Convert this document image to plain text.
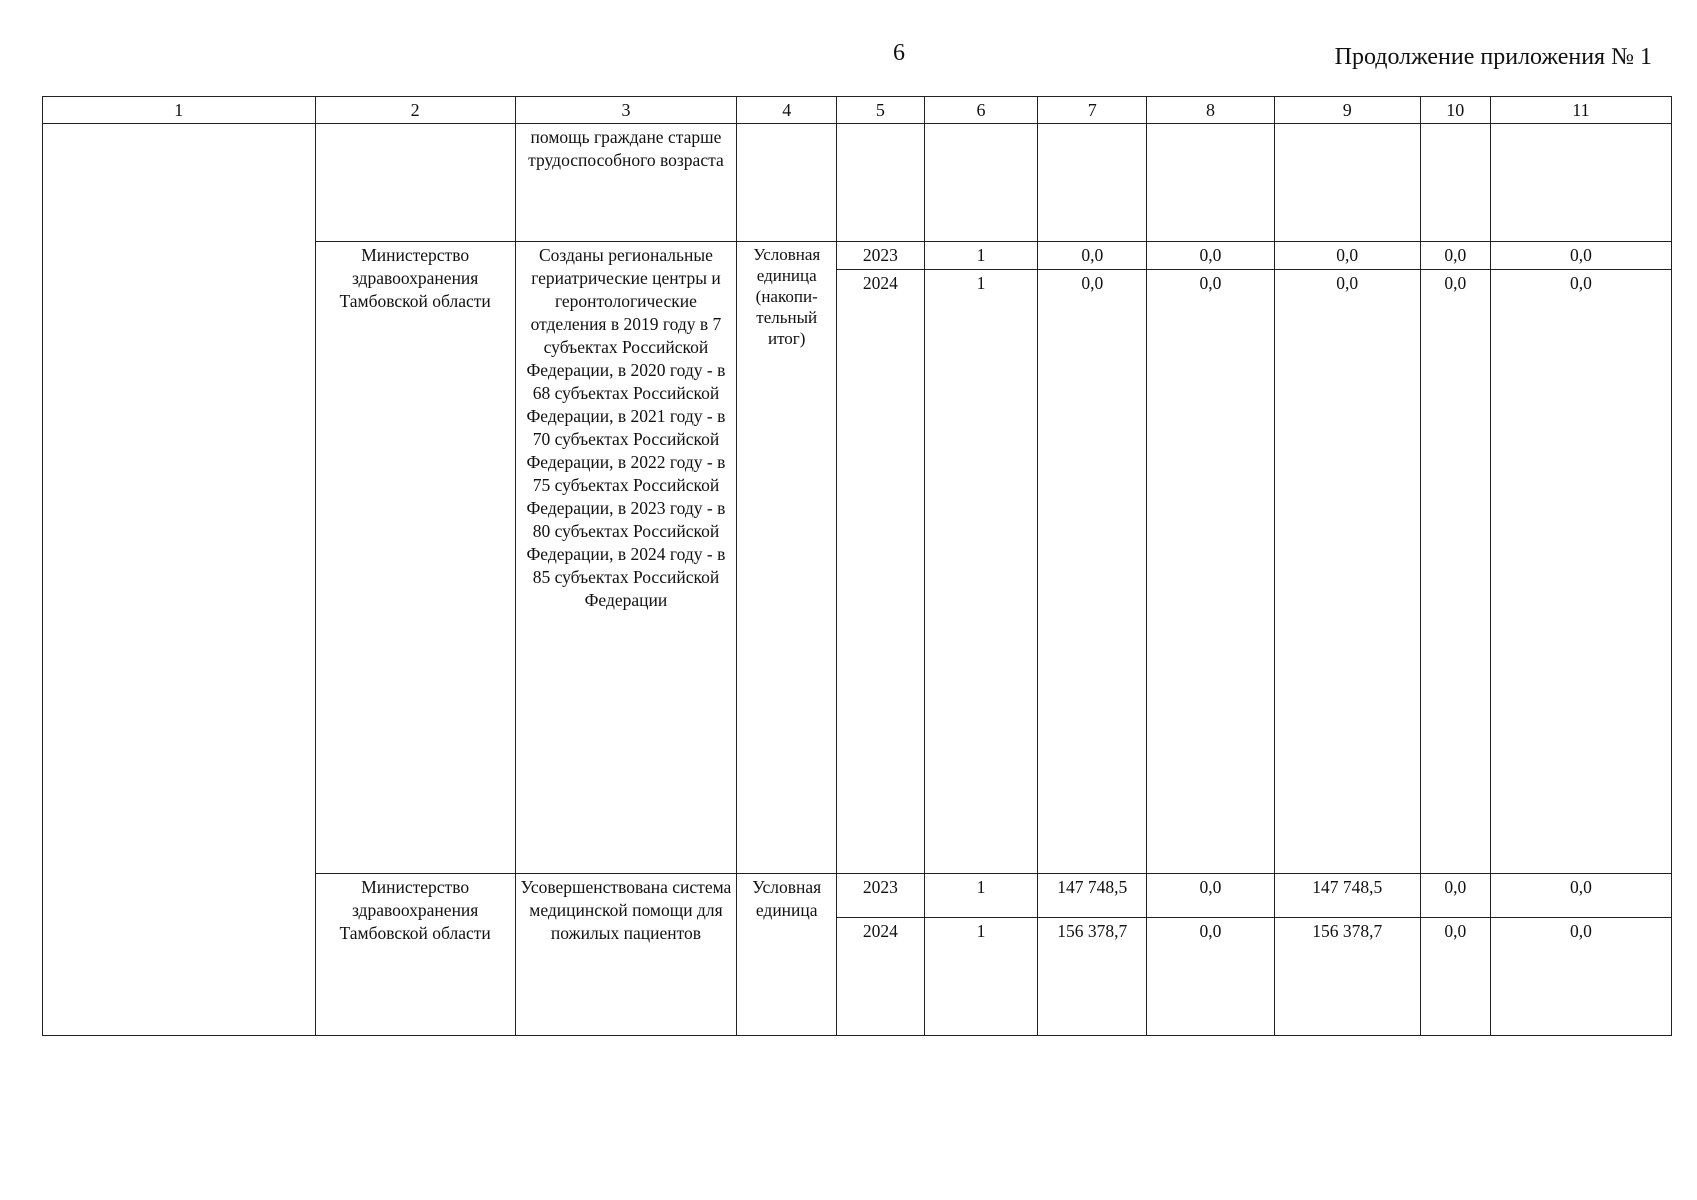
6	Продолжение приложения № 1
1	2	3	4	5	6	7	8	9	10	11
		помощь граждане старше трудоспособного возраста								
	Министерство здравоохранения Тамбовской области	Созданы региональные гериатрические центры и геронтологические отделения в 2019 году в 7 субъектах Российской Федерации, в 2020 году - в 68 субъектах Российской Федерации, в 2021 году - в 70 субъектах Российской Федерации, в 2022 году - в 75 субъектах Российской Федерации, в 2023 году - в 80 субъектах Российской Федерации, в 2024 году - в 85 субъектах Российской Федерации	Условная единица (накопи- тельный итог)	2023	1	0,0	0,0	0,0	0,0	0,0
				2024	1	0,0	0,0	0,0	0,0	0,0
	Министерство здравоохранения Тамбовской области	Усовершенствована система медицинской помощи для пожилых пациентов	Условная единица	2023	1	147 748,5	0,0	147 748,5	0,0	0,0
				2024	1	156 378,7	0,0	156 378,7	0,0	0,0
